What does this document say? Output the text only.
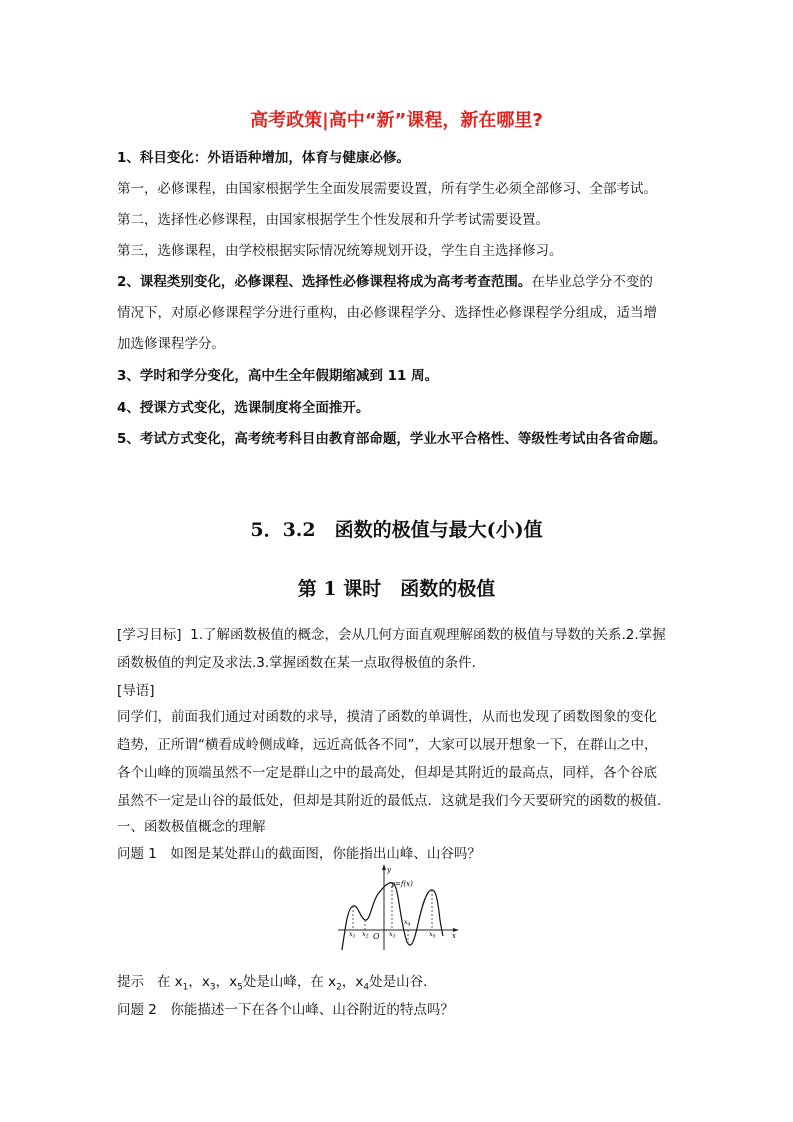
高考政策|高中“新”课程，新在哪里?
1、科目变化：外语语种增加，体育与健康必修。
第一，必修课程，由国家根据学生全面发展需要设置，所有学生必须全部修习、全部考试。
第二，选择性必修课程，由国家根据学生个性发展和升学考试需要设置。
第三，选修课程，由学校根据实际情况统筹规划开设，学生自主选择修习。
2、课程类别变化，必修课程、选择性必修课程将成为高考考查范围。在毕业总学分不变的
情况下，对原必修课程学分进行重构，由必修课程学分、选择性必修课程学分组成，适当增
加选修课程学分。
3、学时和学分变化，高中生全年假期缩减到 11 周。
4、授课方式变化，选课制度将全面推开。
5、考试方式变化，高考统考科目由教育部命题，学业水平合格性、等级性考试由各省命题。
5．3.2　函数的极值与最大(小)值
第 1 课时　函数的极值
[学习目标] 1.了解函数极值的概念，会从几何方面直观理解函数的极值与导数的关系.2.掌握
函数极值的判定及求法.3.掌握函数在某一点取得极值的条件．
[导语]
同学们，前面我们通过对函数的求导，摸清了函数的单调性，从而也发现了函数图象的变化
趋势，正所谓“横看成岭侧成峰，远近高低各不同”，大家可以展开想象一下，在群山之中，
各个山峰的顶端虽然不一定是群山之中的最高处，但却是其附近的最高点，同样，各个谷底
虽然不一定是山谷的最低处，但却是其附近的最低点．这就是我们今天要研究的函数的极值．
一、函数极值概念的理解
问题 1　如图是某处群山的截面图，你能指出山峰、山谷吗？
y
x
y=f(x)
O
$x_1$ $x_2$	$x_3$
$x_4$
$x_5$
提示 在 $x_1$，$x_3$，$x_5$处是山峰，在 $x_2$，$x_4$处是山谷．
问题 2　你能描述一下在各个山峰、山谷附近的特点吗？
